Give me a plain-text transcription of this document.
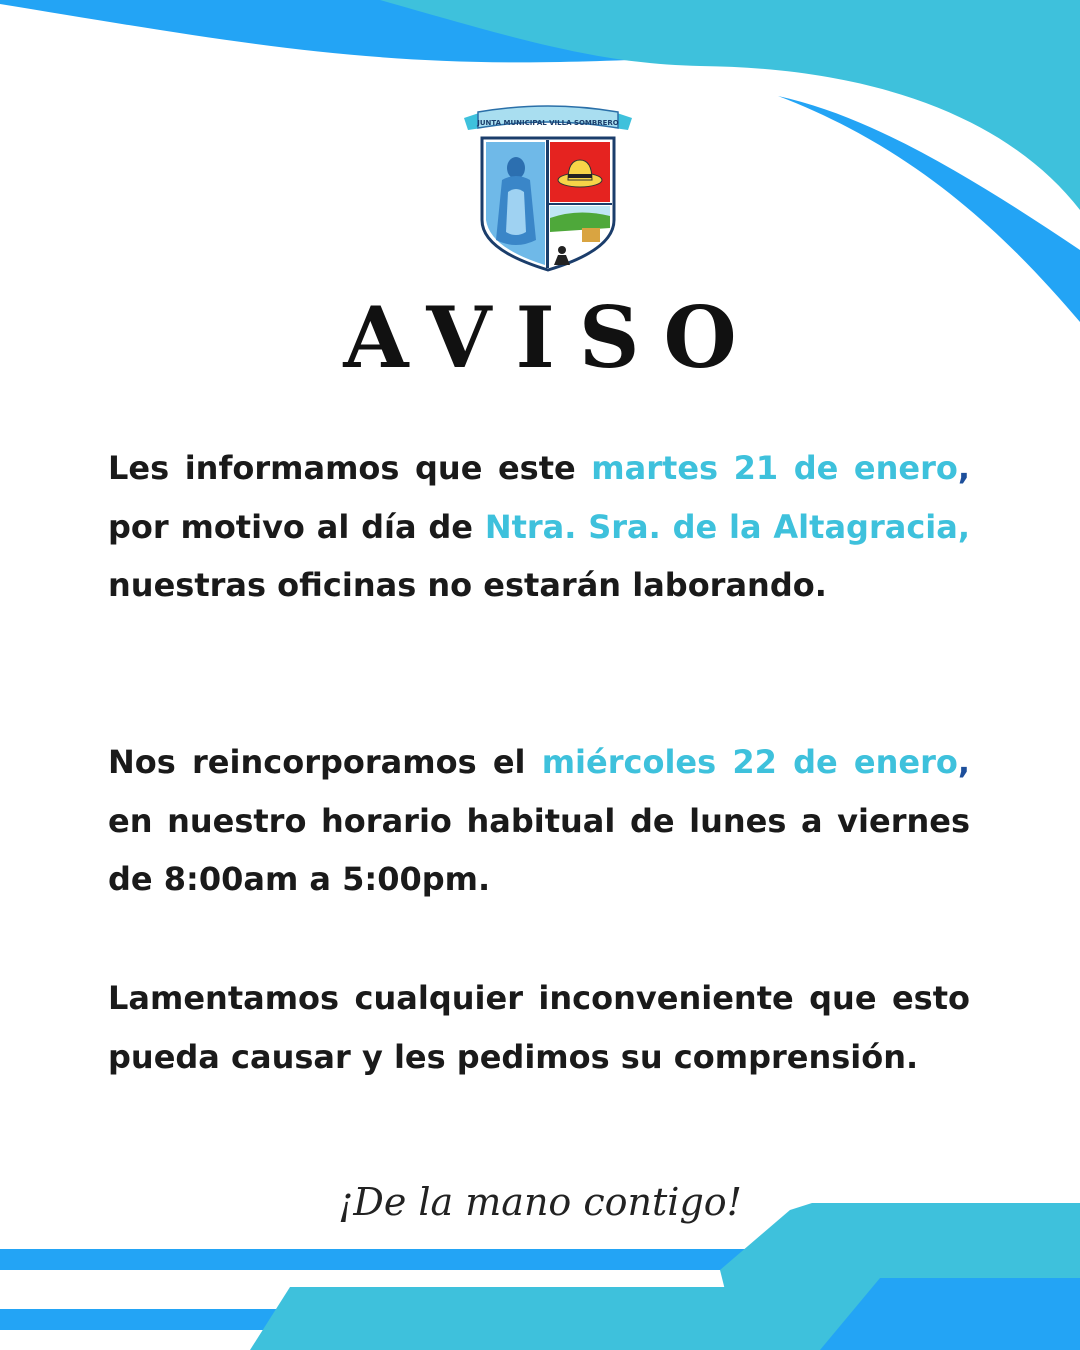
JUNTA MUNICIPAL VILLA SOMBRERO
AVISO

Les informamos que este martes 21 de enero, por motivo al día de Ntra. Sra. de la Altagracia, nuestras oficinas no estarán laborando.

Nos reincorporamos el miércoles 22 de enero, en nuestro horario habitual de lunes a viernes de 8:00am a 5:00pm.

Lamentamos cualquier inconveniente que esto pueda causar y les pedimos su comprensión.

¡De la mano contigo!
